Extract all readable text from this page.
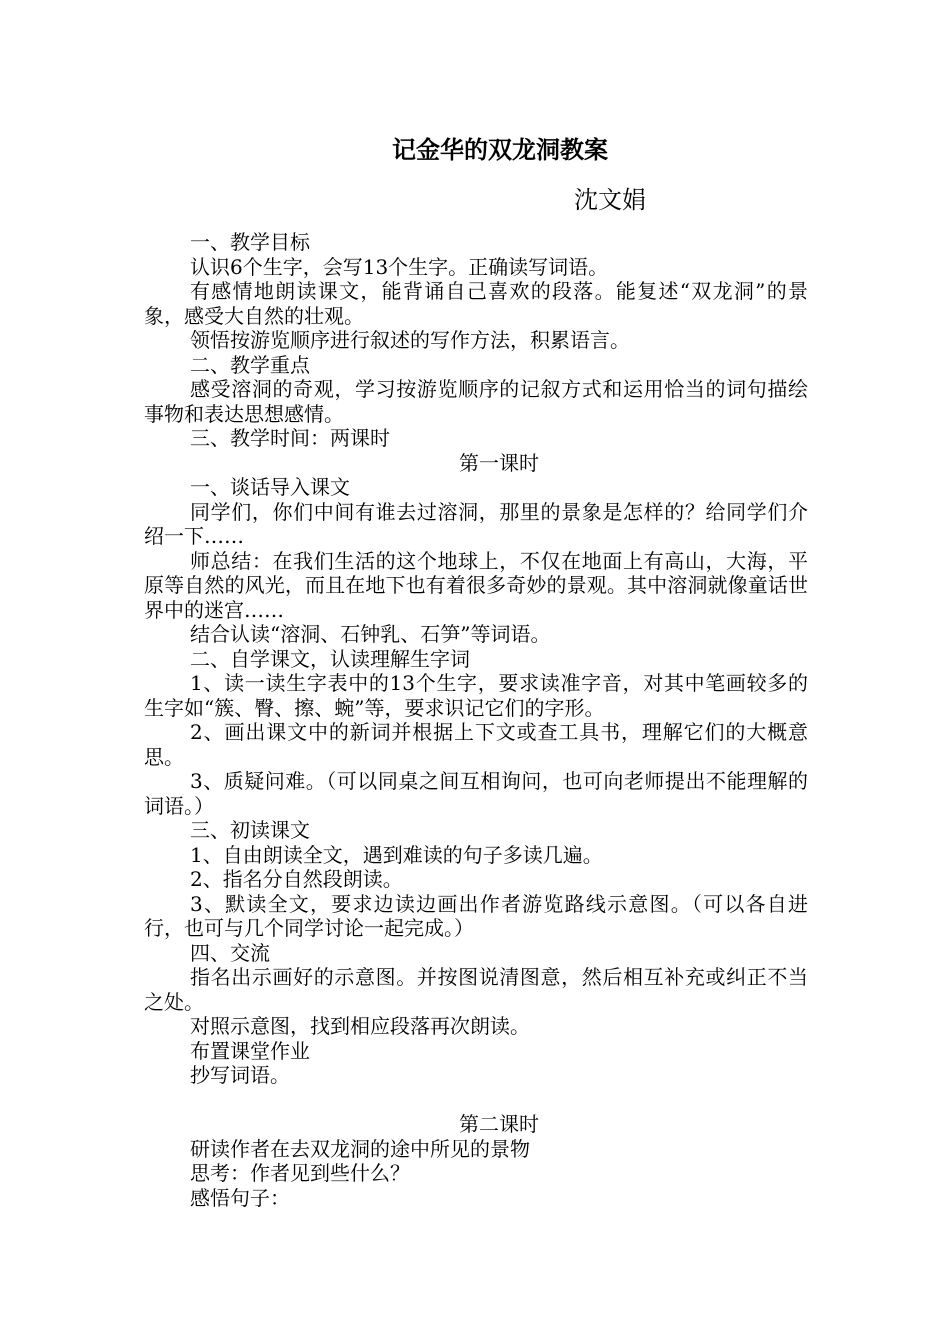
记金华的双龙洞教案
沈文娟

一、教学目标

认识6个生字，会写13个生字。正确读写词语。

有感情地朗读课文，能背诵自己喜欢的段落。能复述“双龙洞”的景象，感受大自然的壮观。

领悟按游览顺序进行叙述的写作方法，积累语言。

二、教学重点

感受溶洞的奇观，学习按游览顺序的记叙方式和运用恰当的词句描绘事物和表达思想感情。

三、教学时间：两课时

第一课时

一、谈话导入课文

同学们，你们中间有谁去过溶洞，那里的景象是怎样的？给同学们介绍一下……

师总结：在我们生活的这个地球上，不仅在地面上有高山，大海，平原等自然的风光，而且在地下也有着很多奇妙的景观。其中溶洞就像童话世界中的迷宫……

结合认读“溶洞、石钟乳、石笋”等词语。

二、自学课文，认读理解生字词

1、读一读生字表中的13个生字，要求读准字音，对其中笔画较多的生字如“簇、臀、擦、蜿”等，要求识记它们的字形。

2、画出课文中的新词并根据上下文或查工具书，理解它们的大概意思。

3、质疑问难。（可以同桌之间互相询问，也可向老师提出不能理解的词语。）

三、初读课文

1、自由朗读全文，遇到难读的句子多读几遍。

2、指名分自然段朗读。

3、默读全文，要求边读边画出作者游览路线示意图。（可以各自进行，也可与几个同学讨论一起完成。）

四、交流

指名出示画好的示意图。并按图说清图意，然后相互补充或纠正不当之处。

对照示意图，找到相应段落再次朗读。

布置课堂作业

抄写词语。

第二课时

研读作者在去双龙洞的途中所见的景物

思考：作者见到些什么？

感悟句子：
